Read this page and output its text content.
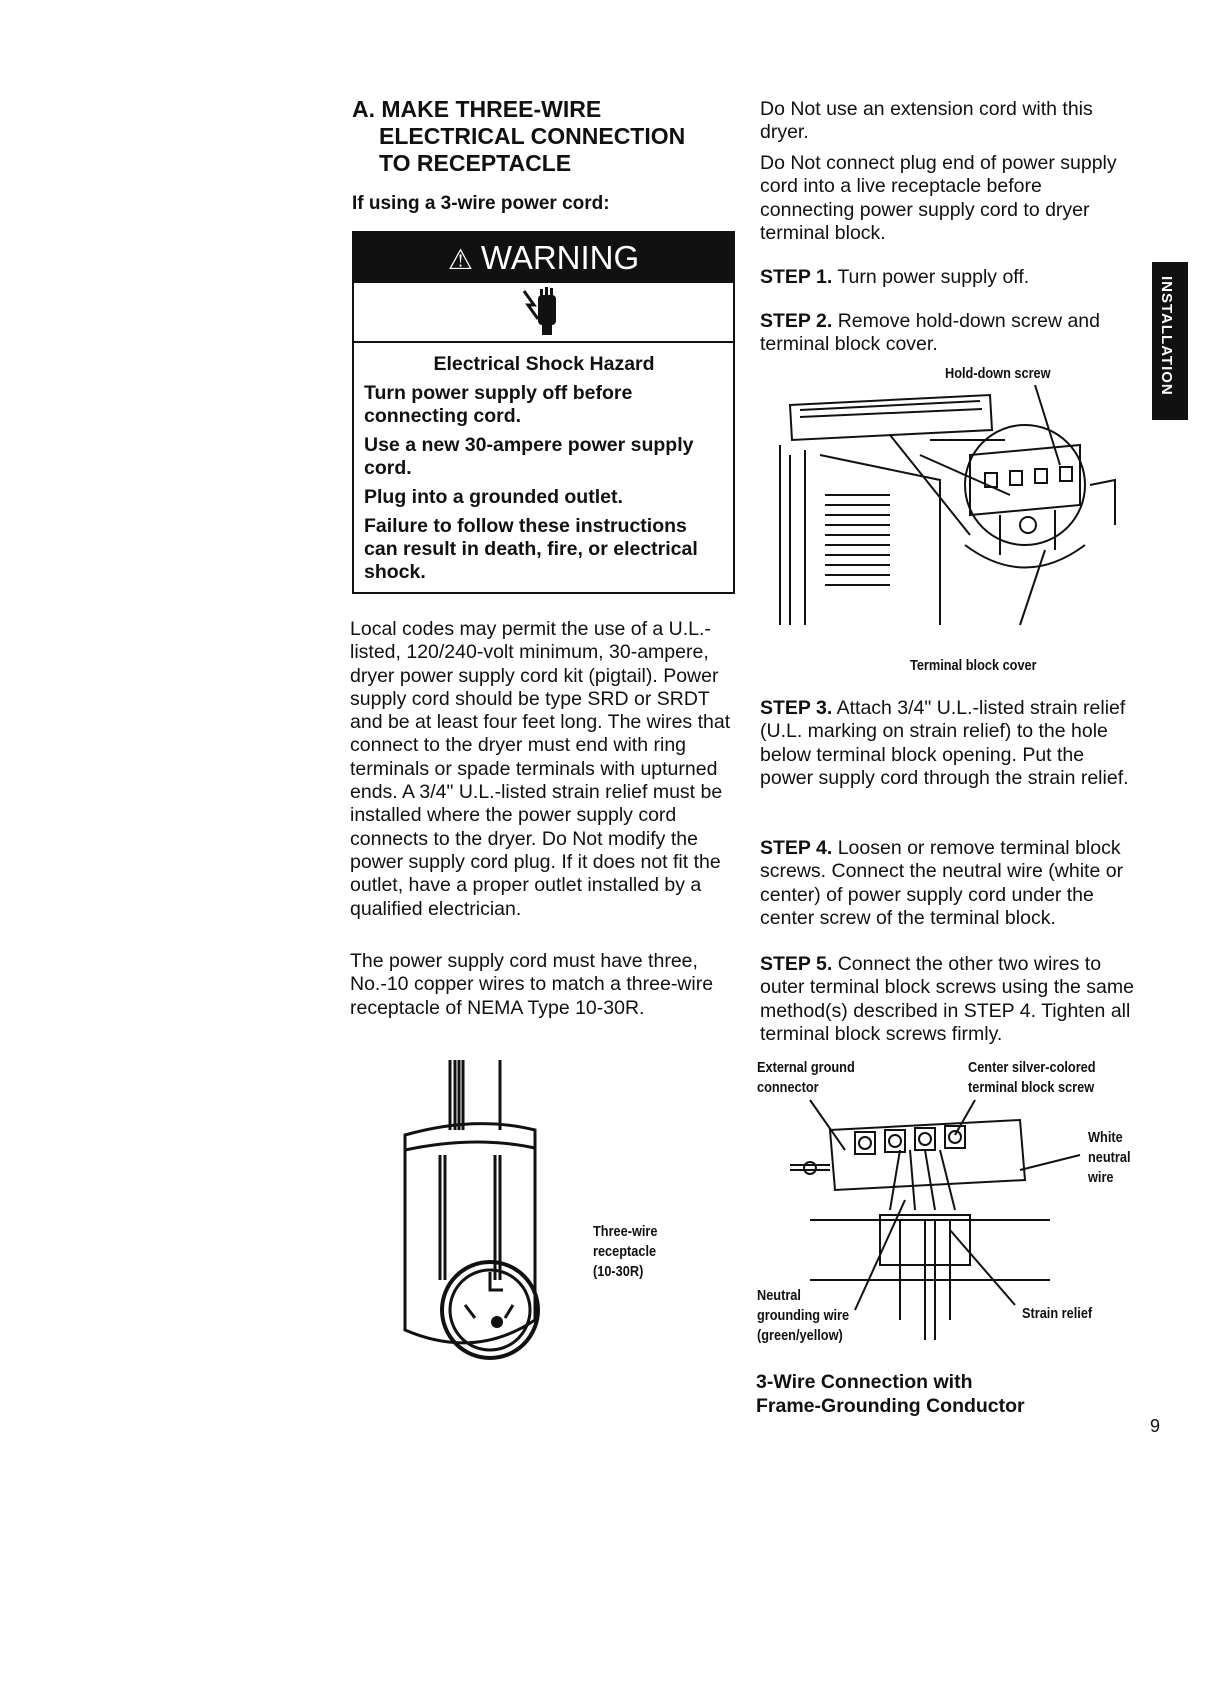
A. MAKE THREE-WIRE
ELECTRICAL CONNECTION
TO RECEPTACLE
If using a 3-wire power cord:
⚠ WARNING
Electrical Shock Hazard

Turn power supply off before connecting cord.

Use a new 30-ampere power supply cord.

Plug into a grounded outlet.

Failure to follow these instructions can result in death, fire, or electrical shock.

Local codes may permit the use of a U.L.-listed, 120/240-volt minimum, 30-ampere, dryer power supply cord kit (pigtail). Power supply cord should be type SRD or SRDT and be at least four feet long. The wires that connect to the dryer must end with ring terminals or spade terminals with upturned ends. A 3/4" U.L.-listed strain relief must be installed where the power supply cord connects to the dryer. Do Not modify the power supply cord plug. If it does not fit the outlet, have a proper outlet installed by a qualified electrician.
The power supply cord must have three, No.-10 copper wires to match a three-wire receptacle of NEMA Type 10-30R.
Three-wire
receptacle
(10-30R)
Do Not use an extension cord with this dryer.
Do Not connect plug end of power supply cord into a live receptacle before connecting power supply cord to dryer terminal block.
STEP 1. Turn power supply off.
STEP 2. Remove hold-down screw and terminal block cover.
Hold-down screw
Terminal block cover
STEP 3. Attach 3/4" U.L.-listed strain relief (U.L. marking on strain relief) to the hole below terminal block opening. Put the power supply cord through the strain relief.
STEP 4. Loosen or remove terminal block screws. Connect the neutral wire (white or center) of power supply cord under the center screw of the terminal block.
STEP 5. Connect the other two wires to outer terminal block screws using the same method(s) described in STEP 4. Tighten all terminal block screws firmly.
External ground
connector
Center silver-colored
terminal block screw
White
neutral
wire
Neutral
grounding wire
(green/yellow)
Strain relief
3-Wire Connection with
Frame-Grounding Conductor
INSTALLATION
9
